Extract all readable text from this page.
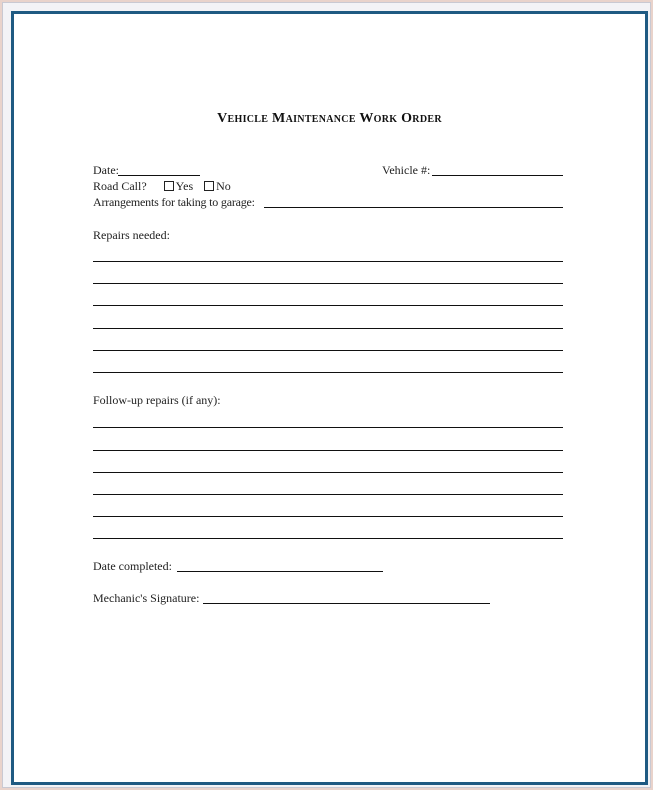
Vehicle Maintenance Work Order
Date:	Vehicle #:
Road Call? Yes No
Arrangements for taking to garage:
Repairs needed:
Follow-up repairs (if any):
Date completed:
Mechanic's Signature:
